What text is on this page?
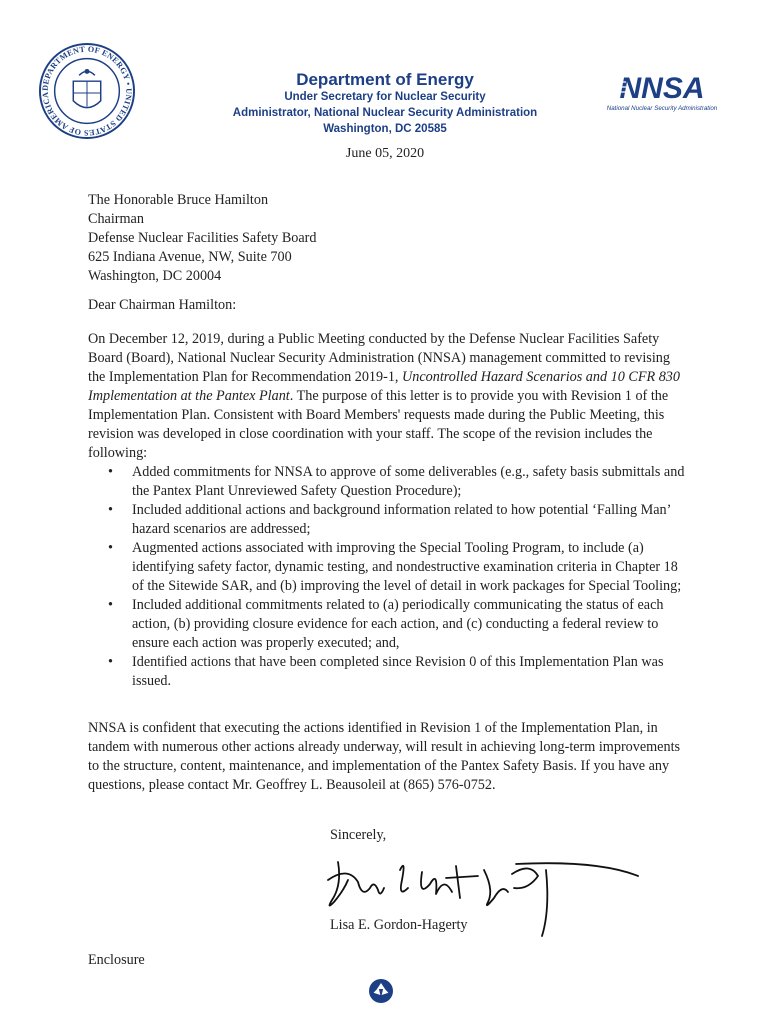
DEPARTMENT OF ENERGY • UNITED STATES OF AMERICA
Department of Energy
Under Secretary for Nuclear Security
Administrator, National Nuclear Security Administration
Washington, DC 20585
NNSA
National Nuclear Security Administration
June 05, 2020
The Honorable Bruce Hamilton
Chairman
Defense Nuclear Facilities Safety Board
625 Indiana Avenue, NW, Suite 700
Washington, DC 20004
Dear Chairman Hamilton:
On December 12, 2019, during a Public Meeting conducted by the Defense Nuclear Facilities Safety Board (Board), National Nuclear Security Administration (NNSA) management committed to revising the Implementation Plan for Recommendation 2019-1, Uncontrolled Hazard Scenarios and 10 CFR 830 Implementation at the Pantex Plant. The purpose of this letter is to provide you with Revision 1 of the Implementation Plan. Consistent with Board Members' requests made during the Public Meeting, this revision was developed in close coordination with your staff. The scope of the revision includes the following:
• Added commitments for NNSA to approve of some deliverables (e.g., safety basis submittals and the Pantex Plant Unreviewed Safety Question Procedure);
• Included additional actions and background information related to how potential ‘Falling Man’ hazard scenarios are addressed;
• Augmented actions associated with improving the Special Tooling Program, to include (a) identifying safety factor, dynamic testing, and nondestructive examination criteria in Chapter 18 of the Sitewide SAR, and (b) improving the level of detail in work packages for Special Tooling;
• Included additional commitments related to (a) periodically communicating the status of each action, (b) providing closure evidence for each action, and (c) conducting a federal review to ensure each action was properly executed; and,
• Identified actions that have been completed since Revision 0 of this Implementation Plan was issued.
NNSA is confident that executing the actions identified in Revision 1 of the Implementation Plan, in tandem with numerous other actions already underway, will result in achieving long-term improvements to the structure, content, maintenance, and implementation of the Pantex Safety Basis. If you have any questions, please contact Mr. Geoffrey L. Beausoleil at (865) 576-0752.
Sincerely,
Lisa E. Gordon-Hagerty
Enclosure
